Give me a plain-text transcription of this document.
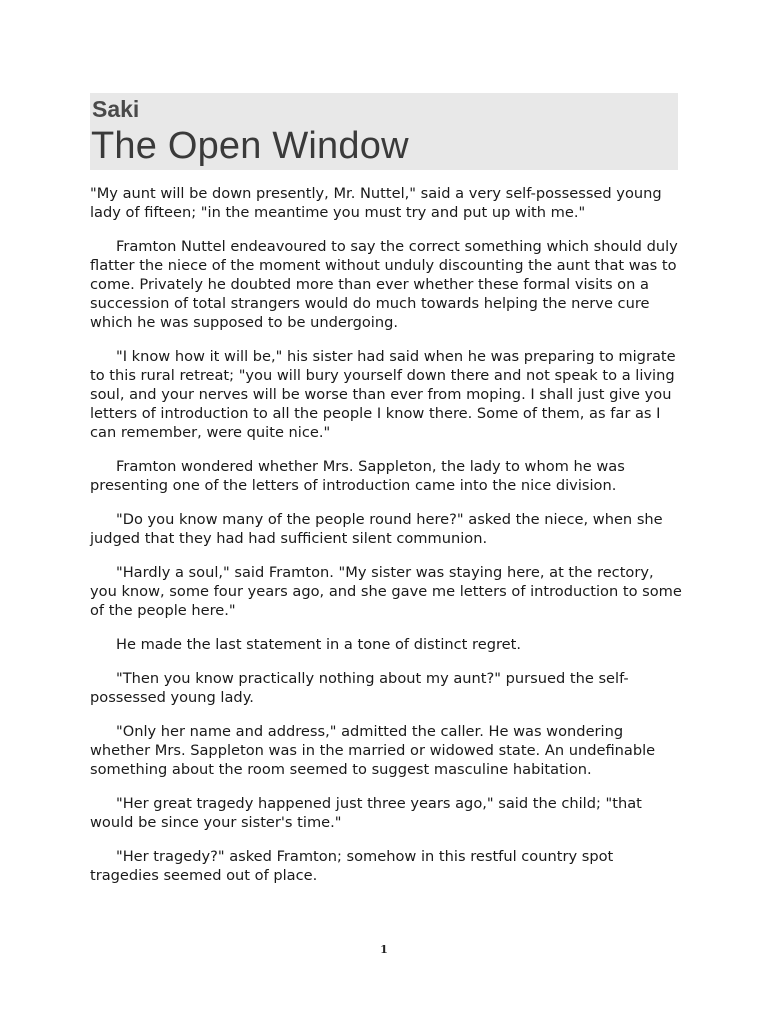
Saki
The Open Window

"My aunt will be down presently, Mr. Nuttel," said a very self-possessed young lady of fifteen; "in the meantime you must try and put up with me."

Framton Nuttel endeavoured to say the correct something which should duly flatter the niece of the moment without unduly discounting the aunt that was to come. Privately he doubted more than ever whether these formal visits on a succession of total strangers would do much towards helping the nerve cure which he was supposed to be undergoing.

"I know how it will be," his sister had said when he was preparing to migrate to this rural retreat; "you will bury yourself down there and not speak to a living soul, and your nerves will be worse than ever from moping. I shall just give you letters of introduction to all the people I know there. Some of them, as far as I can remember, were quite nice."

Framton wondered whether Mrs. Sappleton, the lady to whom he was presenting one of the letters of introduction came into the nice division.

"Do you know many of the people round here?" asked the niece, when she judged that they had had sufficient silent communion.

"Hardly a soul," said Framton. "My sister was staying here, at the rectory, you know, some four years ago, and she gave me letters of introduction to some of the people here."

He made the last statement in a tone of distinct regret.

"Then you know practically nothing about my aunt?" pursued the self-possessed young lady.

"Only her name and address," admitted the caller. He was wondering whether Mrs. Sappleton was in the married or widowed state. An undefinable something about the room seemed to suggest masculine habitation.

"Her great tragedy happened just three years ago," said the child; "that would be since your sister's time."

"Her tragedy?" asked Framton; somehow in this restful country spot tragedies seemed out of place.

1
